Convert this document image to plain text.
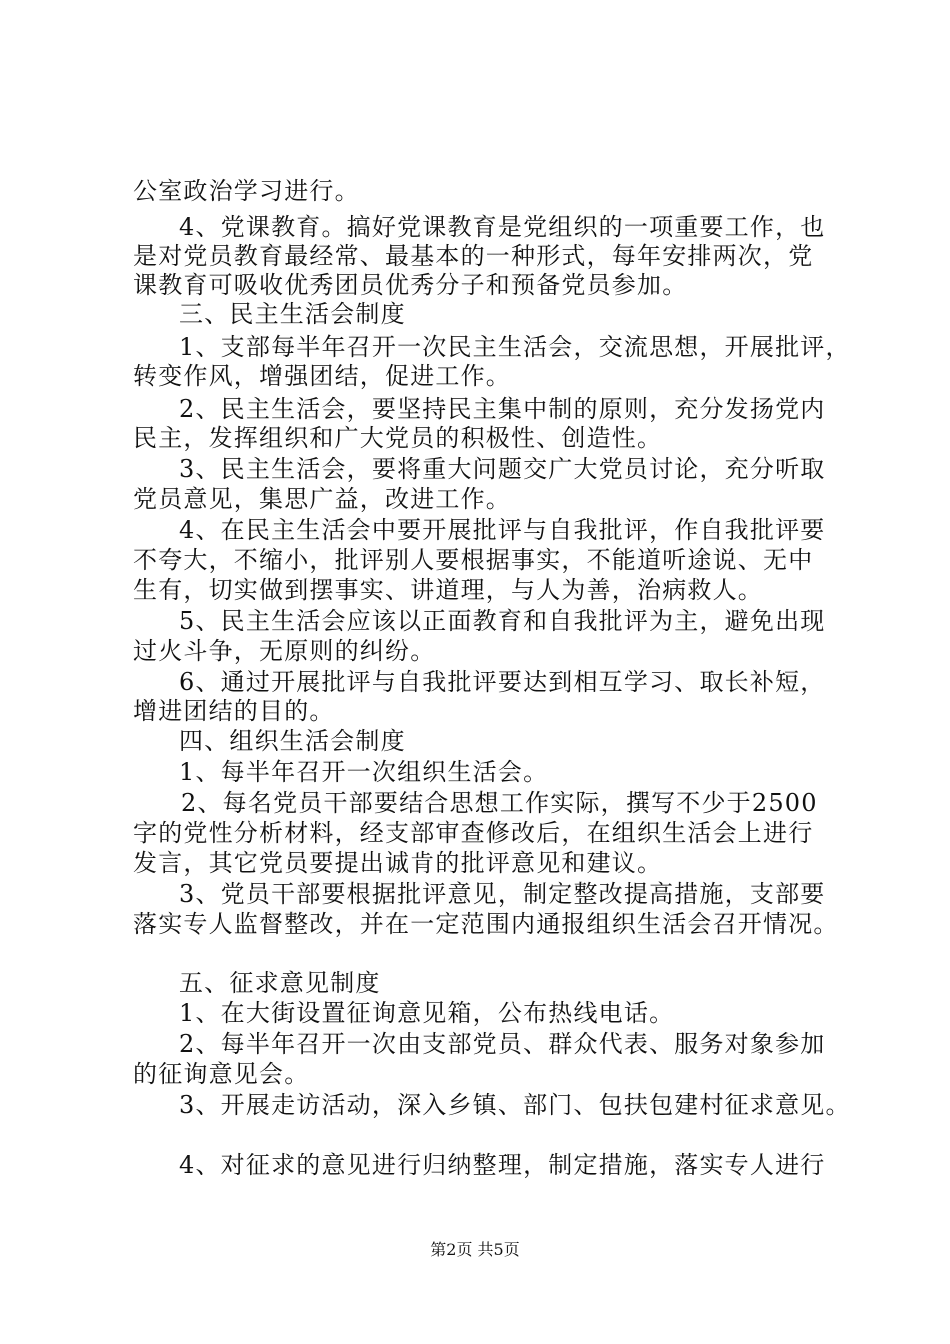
公室政治学习进行。
4、党课教育。搞好党课教育是党组织的一项重要工作，也
是对党员教育最经常、最基本的一种形式，每年安排两次，党
课教育可吸收优秀团员优秀分子和预备党员参加。
三、民主生活会制度
1、支部每半年召开一次民主生活会，交流思想，开展批评，
转变作风，增强团结，促进工作。
2、民主生活会，要坚持民主集中制的原则，充分发扬党内
民主，发挥组织和广大党员的积极性、创造性。
3、民主生活会，要将重大问题交广大党员讨论，充分听取
党员意见，集思广益，改进工作。
4、在民主生活会中要开展批评与自我批评，作自我批评要
不夸大，不缩小，批评别人要根据事实，不能道听途说、无中
生有，切实做到摆事实、讲道理，与人为善，治病救人。
5、民主生活会应该以正面教育和自我批评为主，避免出现
过火斗争，无原则的纠纷。
6、通过开展批评与自我批评要达到相互学习、取长补短，
增进团结的目的。
四、组织生活会制度
1、每半年召开一次组织生活会。
2、每名党员干部要结合思想工作实际，撰写不少于2500
字的党性分析材料，经支部审查修改后，在组织生活会上进行
发言，其它党员要提出诚肯的批评意见和建议。
3、党员干部要根据批评意见，制定整改提高措施，支部要
落实专人监督整改，并在一定范围内通报组织生活会召开情况。
五、征求意见制度
1、在大街设置征询意见箱，公布热线电话。
2、每半年召开一次由支部党员、群众代表、服务对象参加
的征询意见会。
3、开展走访活动，深入乡镇、部门、包扶包建村征求意见。
4、对征求的意见进行归纳整理，制定措施，落实专人进行
第2页 共5页
